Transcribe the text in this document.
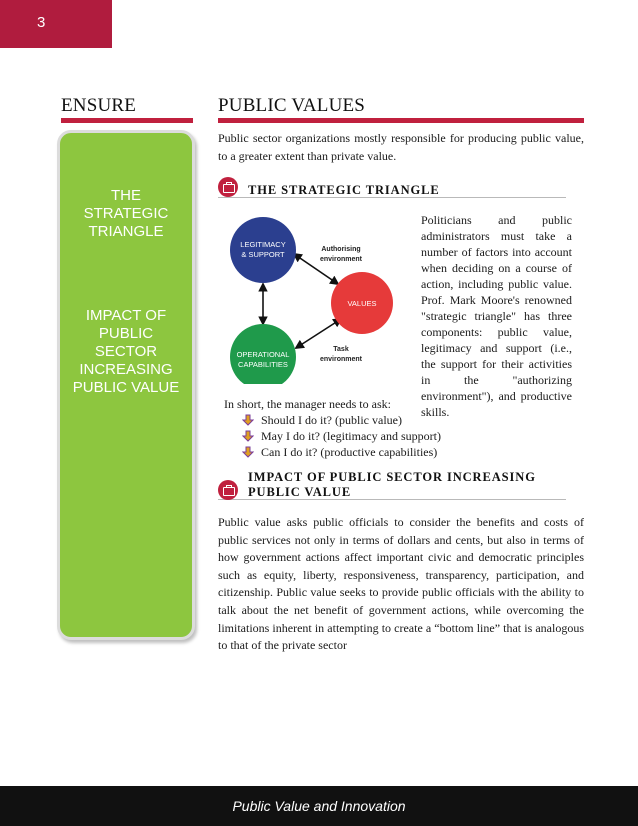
3
ENSURE	PUBLIC VALUES
THE
STRATEGIC
TRIANGLE
IMPACT OF
PUBLIC
SECTOR
INCREASING
PUBLIC VALUE

Public sector organizations mostly responsible for producing public value, to a greater extent than private value.

THE STRATEGIC TRIANGLE
LEGITIMACY
& SUPPORT
VALUES
OPERATIONAL
CAPABILITIES
Authorising
environment
Task
environment

Politicians and public administrators must take a number of factors into account when deciding on a course of action, including public value. Prof. Mark Moore's renowned "strategic triangle" has three components: public value, legitimacy and support (i.e., the support for their activities in the "authorizing environment"), and productive skills.

In short, the manager needs to ask:

Should I do it? (public value)
May I do it? (legitimacy and support)
Can I do it? (productive capabilities)
IMPACT OF PUBLIC SECTOR INCREASING
PUBLIC VALUE

Public value asks public officials to consider the benefits and costs of public services not only in terms of dollars and cents, but also in terms of how government actions affect important civic and democratic principles such as equity, liberty, responsiveness, transparency, participation, and citizenship. Public value seeks to provide public officials with the ability to talk about the net benefit of government actions, while overcoming the limitations inherent in attempting to create a “bottom line” that is analogous to that of the private sector

Public Value and Innovation
